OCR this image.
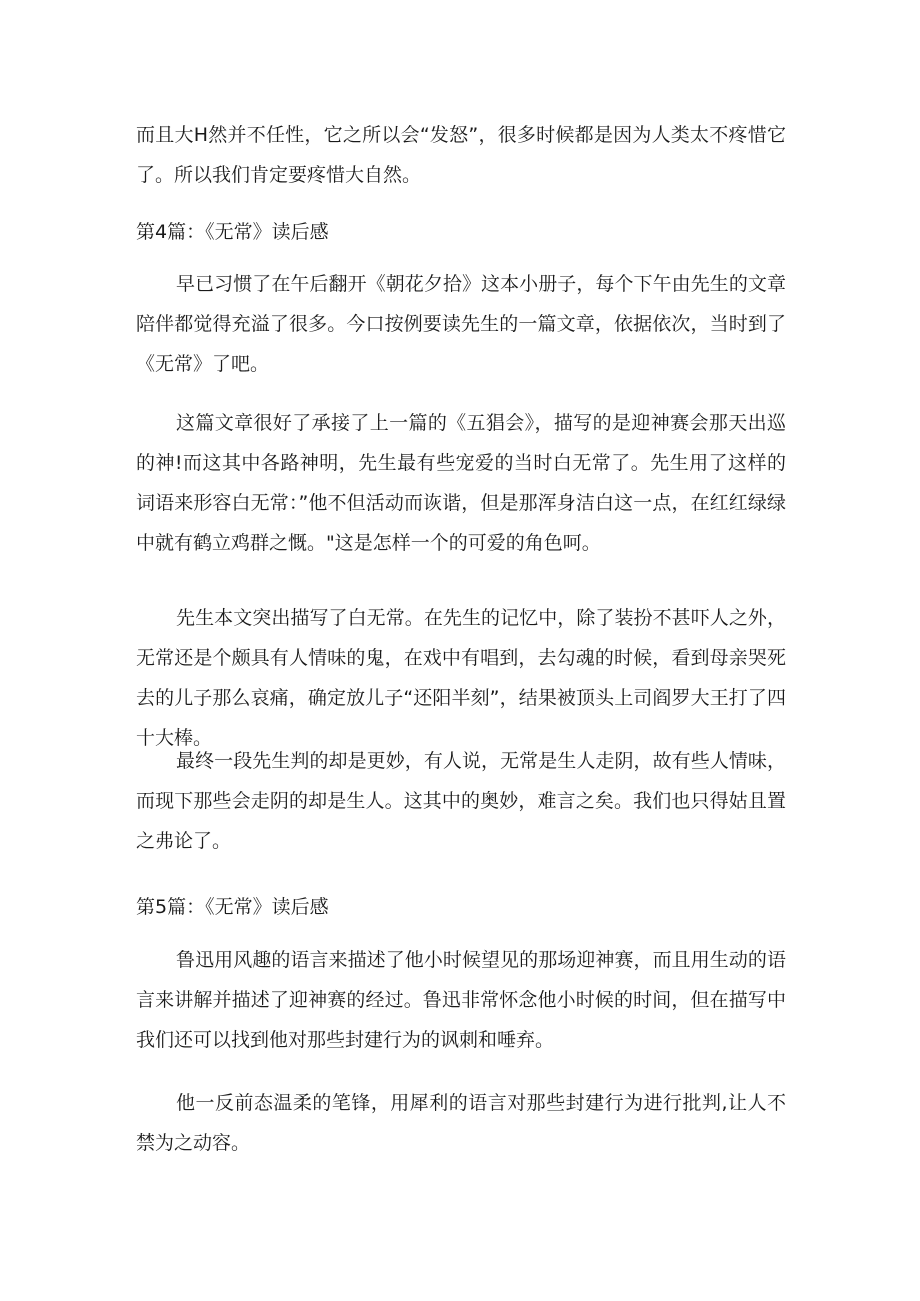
而且大H然并不任性，它之所以会“发怒”，很多时候都是因为人类太不疼惜它了。所以我们肯定要疼惜大自然。
第4篇：《无常》读后感
早已习惯了在午后翻开《朝花夕拾》这本小册子，每个下午由先生的文章陪伴都觉得充溢了很多。今口按例要读先生的一篇文章，依据依次，当时到了《无常》了吧。
这篇文章很好了承接了上一篇的《五猖会》，描写的是迎神赛会那天出巡的神!而这其中各路神明，先生最有些宠爱的当时白无常了。先生用了这样的词语来形容白无常：”他不但活动而诙谐，但是那浑身洁白这一点，在红红绿绿中就有鹤立鸡群之慨。"这是怎样一个的可爱的角色呵。
先生本文突出描写了白无常。在先生的记忆中，除了装扮不甚吓人之外，无常还是个颇具有人情味的鬼，在戏中有唱到，去勾魂的时候，看到母亲哭死去的儿子那么哀痛，确定放儿子“还阳半刻”，结果被顶头上司阎罗大王打了四十大棒。
最终一段先生判的却是更妙，有人说，无常是生人走阴，故有些人情味，而现下那些会走阴的却是生人。这其中的奥妙，难言之矣。我们也只得姑且置之弗论了。
第5篇：《无常》读后感
鲁迅用风趣的语言来描述了他小时候望见的那场迎神赛，而且用生动的语言来讲解并描述了迎神赛的经过。鲁迅非常怀念他小时候的时间，但在描写中我们还可以找到他对那些封建行为的讽刺和唾弃。
他一反前态温柔的笔锋，用犀利的语言对那些封建行为进行批判,让人不禁为之动容。
